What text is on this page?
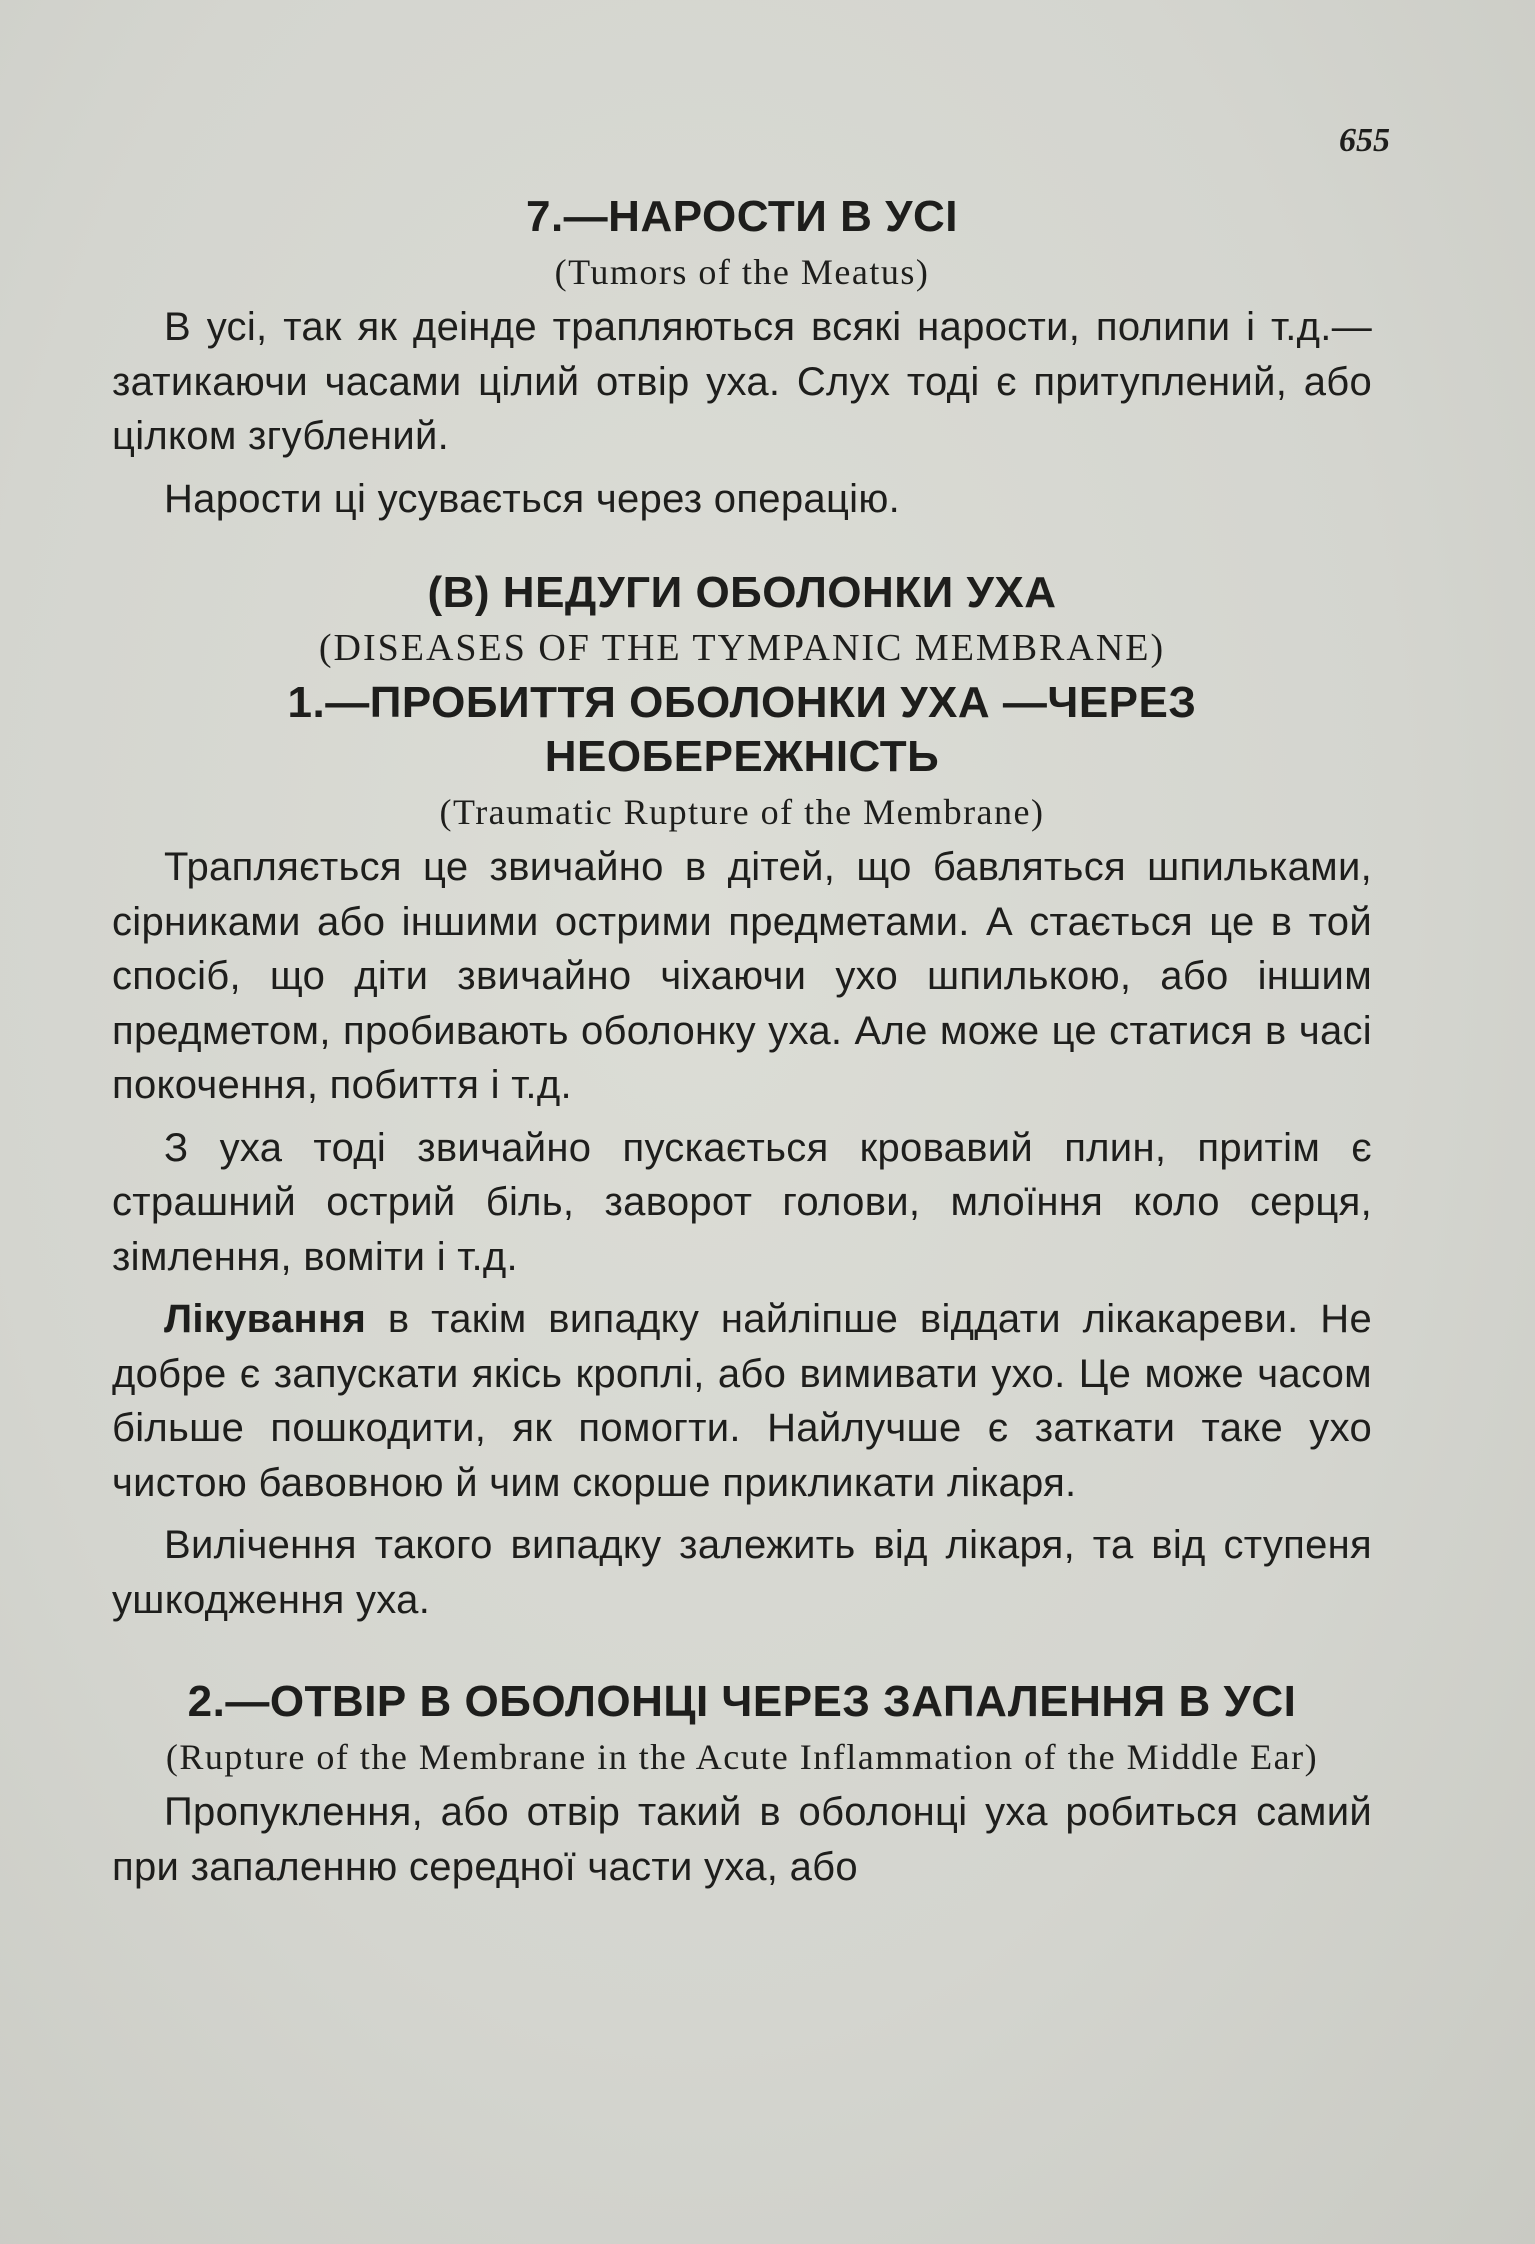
655
7.—НАРОСТИ В УСІ

(Tumors of the Meatus)

В усі, так як деінде трапляються всякі нарости, полипи і т.д.— затикаючи часами цілий отвір уха. Слух тоді є притуплений, або цілком згублений.

Нарости ці усувається через операцію.

(B) НЕДУГИ ОБОЛОНКИ УХА

(DISEASES OF THE TYMPANIC MEMBRANE)

1.—ПРОБИТТЯ ОБОЛОНКИ УХА —ЧЕРЕЗ НЕОБЕРЕЖНІСТЬ

(Traumatic Rupture of the Membrane)

Трапляється це звичайно в дітей, що бавляться шпильками, сірниками або іншими острими предметами. А стається це в той спосіб, що діти звичайно чіхаючи ухо шпилькою, або іншим предметом, пробивають оболонку уха. Але може це статися в часі покочення, побиття і т.д.

З уха тоді звичайно пускається кровавий плин, притім є страшний острий біль, заворот голови, млоїння коло серця, зімлення, воміти і т.д.

Лікування в такім випадку найліпше віддати лікакареви. Не добре є запускати якісь кроплі, або вимивати ухо. Це може часом більше пошкодити, як помогти. Найлучше є заткати таке ухо чистою бавовною й чим скорше прикликати лікаря.

Вилічення такого випадку залежить від лікаря, та від ступеня ушкодження уха.

2.—ОТВІР В ОБОЛОНЦІ ЧЕРЕЗ ЗАПАЛЕННЯ В УСІ

(Rupture of the Membrane in the Acute Inflammation of the Middle Ear)

Пропуклення, або отвір такий в оболонці уха робиться самий при запаленню середної части уха, або
